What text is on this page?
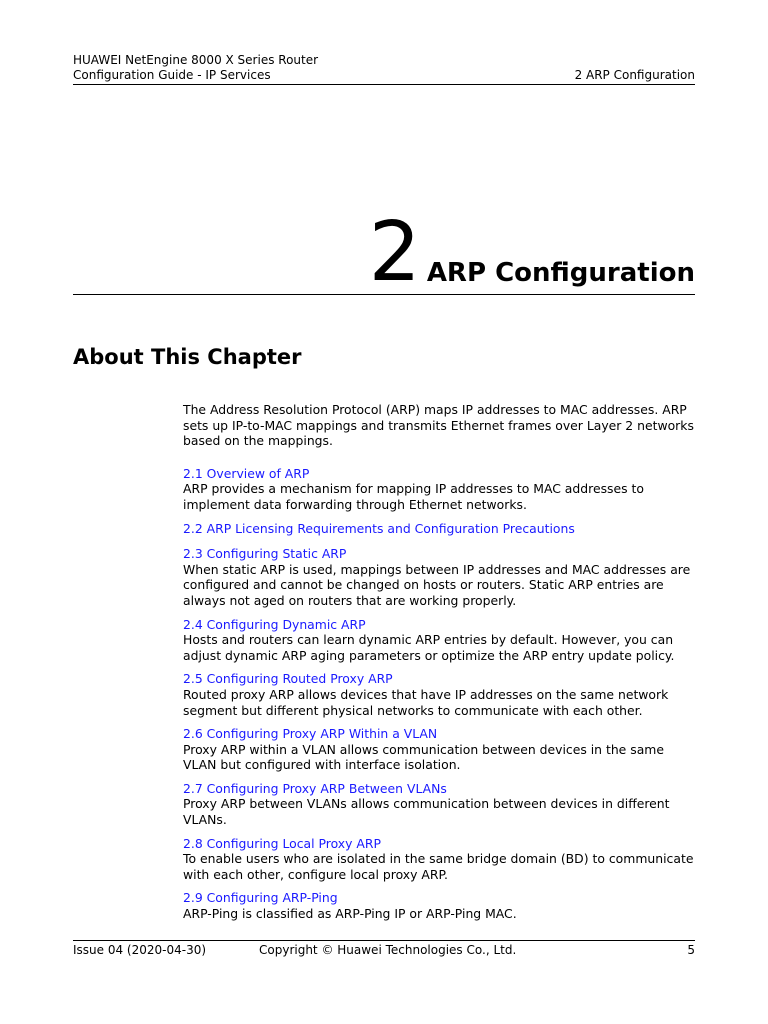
HUAWEI NetEngine 8000 X Series Router
Configuration Guide - IP Services	2 ARP Configuration
2 ARP Configuration
About This Chapter

The Address Resolution Protocol (ARP) maps IP addresses to MAC addresses. ARP sets up IP-to-MAC mappings and transmits Ethernet frames over Layer 2 networks based on the mappings.

2.1 Overview of ARP
ARP provides a mechanism for mapping IP addresses to MAC addresses to implement data forwarding through Ethernet networks.
2.2 ARP Licensing Requirements and Configuration Precautions
2.3 Configuring Static ARP
When static ARP is used, mappings between IP addresses and MAC addresses are configured and cannot be changed on hosts or routers. Static ARP entries are always not aged on routers that are working properly.
2.4 Configuring Dynamic ARP
Hosts and routers can learn dynamic ARP entries by default. However, you can adjust dynamic ARP aging parameters or optimize the ARP entry update policy.
2.5 Configuring Routed Proxy ARP
Routed proxy ARP allows devices that have IP addresses on the same network segment but different physical networks to communicate with each other.
2.6 Configuring Proxy ARP Within a VLAN
Proxy ARP within a VLAN allows communication between devices in the same VLAN but configured with interface isolation.
2.7 Configuring Proxy ARP Between VLANs
Proxy ARP between VLANs allows communication between devices in different VLANs.
2.8 Configuring Local Proxy ARP
To enable users who are isolated in the same bridge domain (BD) to communicate with each other, configure local proxy ARP.
2.9 Configuring ARP-Ping
ARP-Ping is classified as ARP-Ping IP or ARP-Ping MAC.
Issue 04 (2020-04-30)	Copyright © Huawei Technologies Co., Ltd.	5
